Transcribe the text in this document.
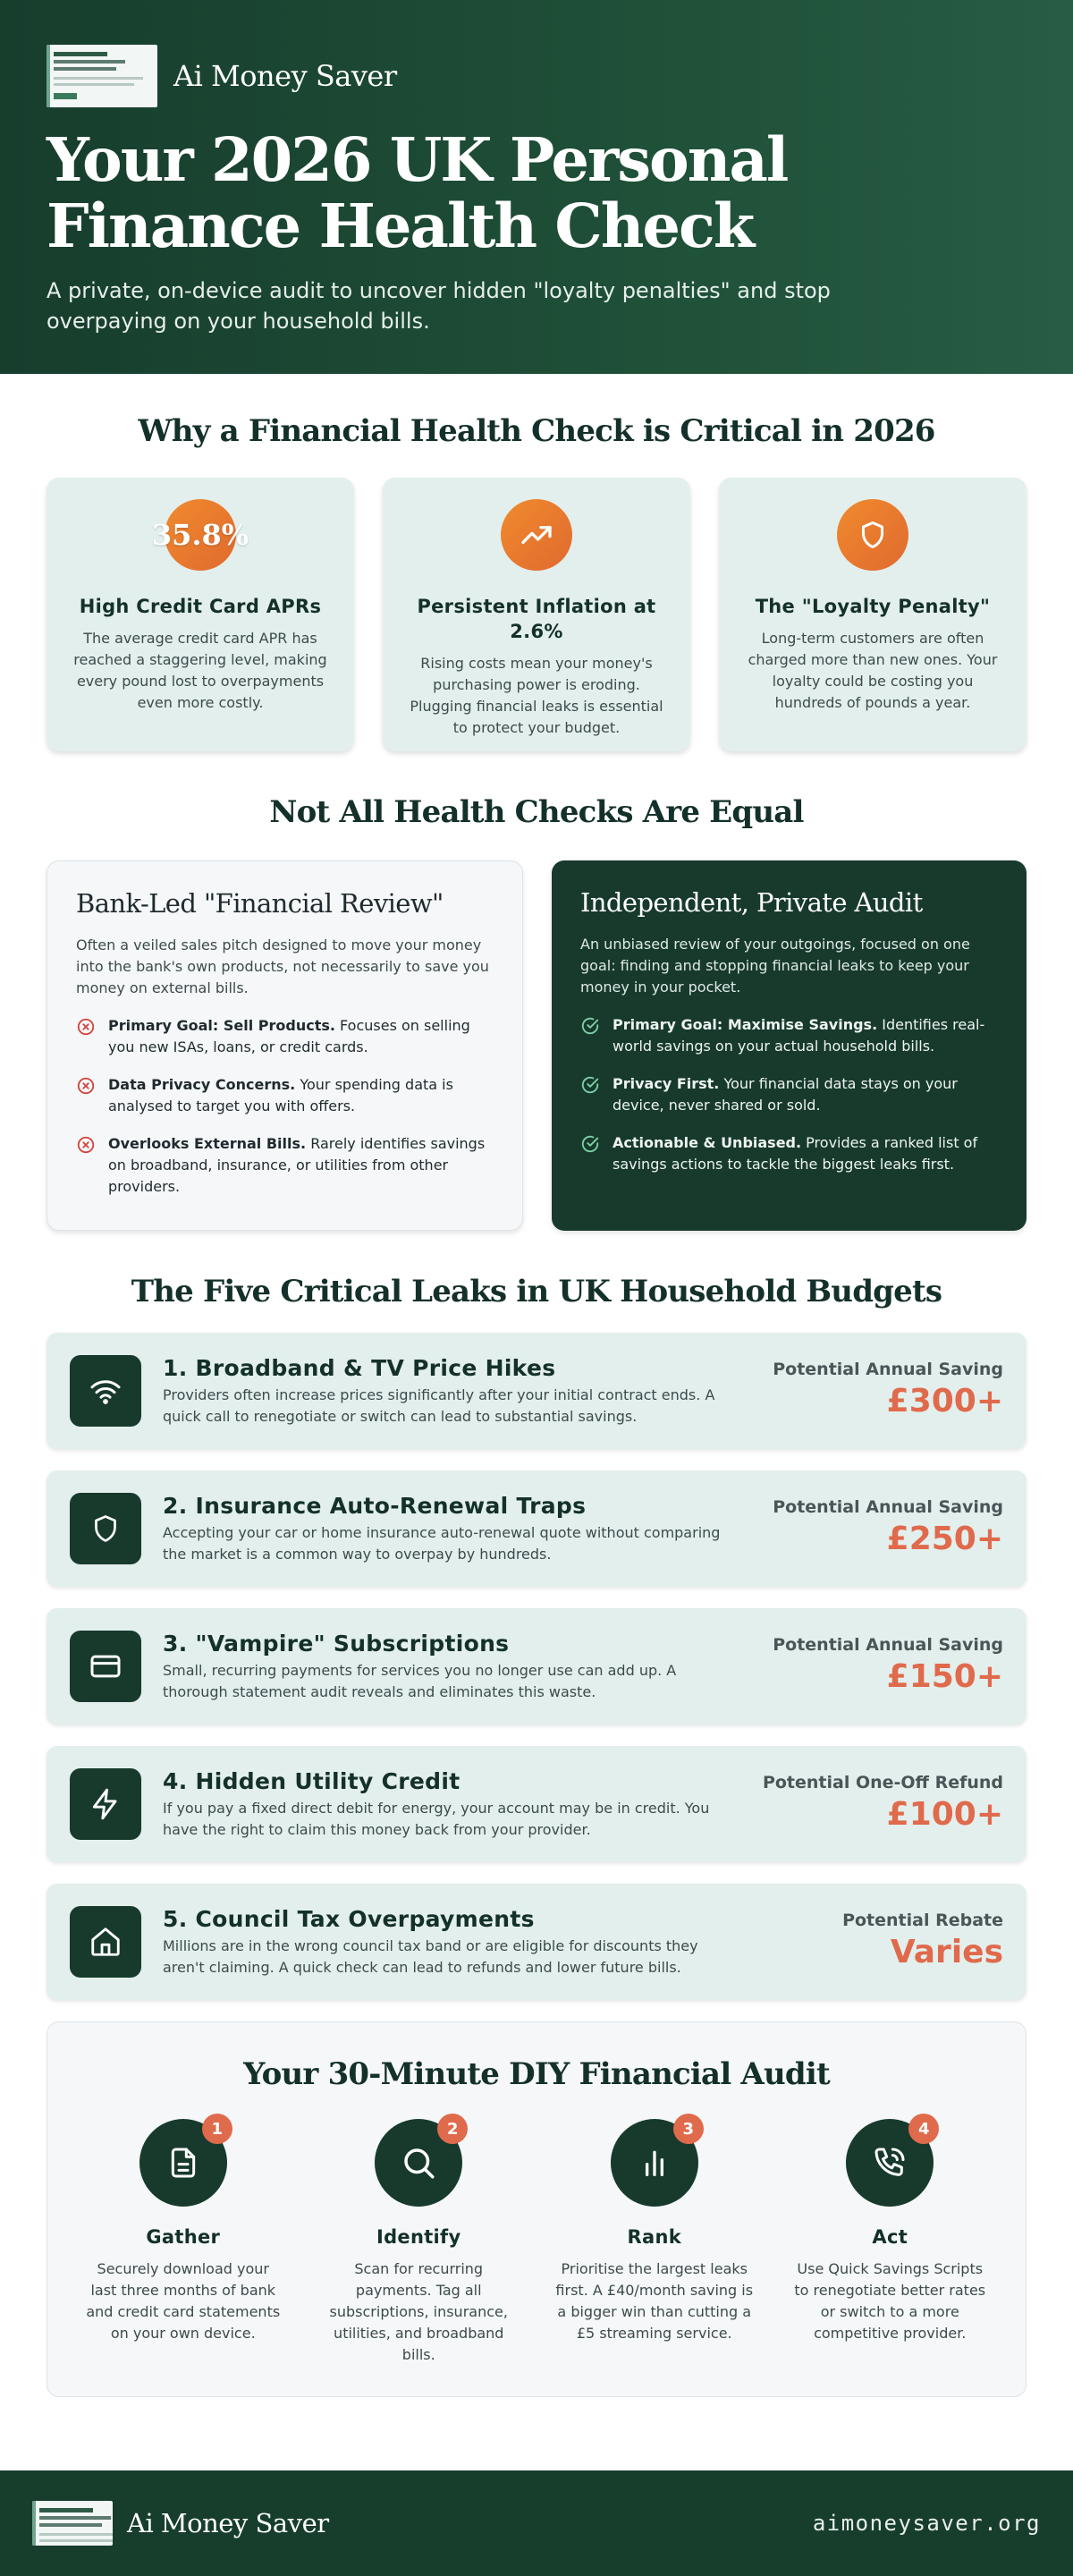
Ai Money Saver
Your 2026 UK Personal Finance Health Check

A private, on-device audit to uncover hidden "loyalty penalties" and stop overpaying on your household bills.

Why a Financial Health Check is Critical in 2026
35.8%
High Credit Card APRs
The average credit card APR has reached a staggering level, making every pound lost to overpayments even more costly.
Persistent Inflation at 2.6%
Rising costs mean your money's purchasing power is eroding. Plugging financial leaks is essential to protect your budget.
The "Loyalty Penalty"
Long-term customers are often charged more than new ones. Your loyalty could be costing you hundreds of pounds a year.
Not All Health Checks Are Equal
Bank-Led "Financial Review"

Often a veiled sales pitch designed to move your money into the bank's own products, not necessarily to save you money on external bills.

Primary Goal: Sell Products. Focuses on selling you new ISAs, loans, or credit cards.
Data Privacy Concerns. Your spending data is analysed to target you with offers.
Overlooks External Bills. Rarely identifies savings on broadband, insurance, or utilities from other providers.
Independent, Private Audit

An unbiased review of your outgoings, focused on one goal: finding and stopping financial leaks to keep your money in your pocket.

Primary Goal: Maximise Savings. Identifies real-world savings on your actual household bills.
Privacy First. Your financial data stays on your device, never shared or sold.
Actionable & Unbiased. Provides a ranked list of savings actions to tackle the biggest leaks first.
The Five Critical Leaks in UK Household Budgets
1. Broadband & TV Price Hikes
Providers often increase prices significantly after your initial contract ends. A quick call to renegotiate or switch can lead to substantial savings.
Potential Annual Saving
£300+
2. Insurance Auto-Renewal Traps
Accepting your car or home insurance auto-renewal quote without comparing the market is a common way to overpay by hundreds.
Potential Annual Saving
£250+
3. "Vampire" Subscriptions
Small, recurring payments for services you no longer use can add up. A thorough statement audit reveals and eliminates this waste.
Potential Annual Saving
£150+
4. Hidden Utility Credit
If you pay a fixed direct debit for energy, your account may be in credit. You have the right to claim this money back from your provider.
Potential One-Off Refund
£100+
5. Council Tax Overpayments
Millions are in the wrong council tax band or are eligible for discounts they aren't claiming. A quick check can lead to refunds and lower future bills.
Potential Rebate
Varies
Your 30-Minute DIY Financial Audit
1
Gather
Securely download your last three months of bank and credit card statements on your own device.
2
Identify
Scan for recurring payments. Tag all subscriptions, insurance, utilities, and broadband bills.
3
Rank
Prioritise the largest leaks first. A £40/month saving is a bigger win than cutting a £5 streaming service.
4
Act
Use Quick Savings Scripts to renegotiate better rates or switch to a more competitive provider.
Ai Money Saver	aimoneysaver.org
